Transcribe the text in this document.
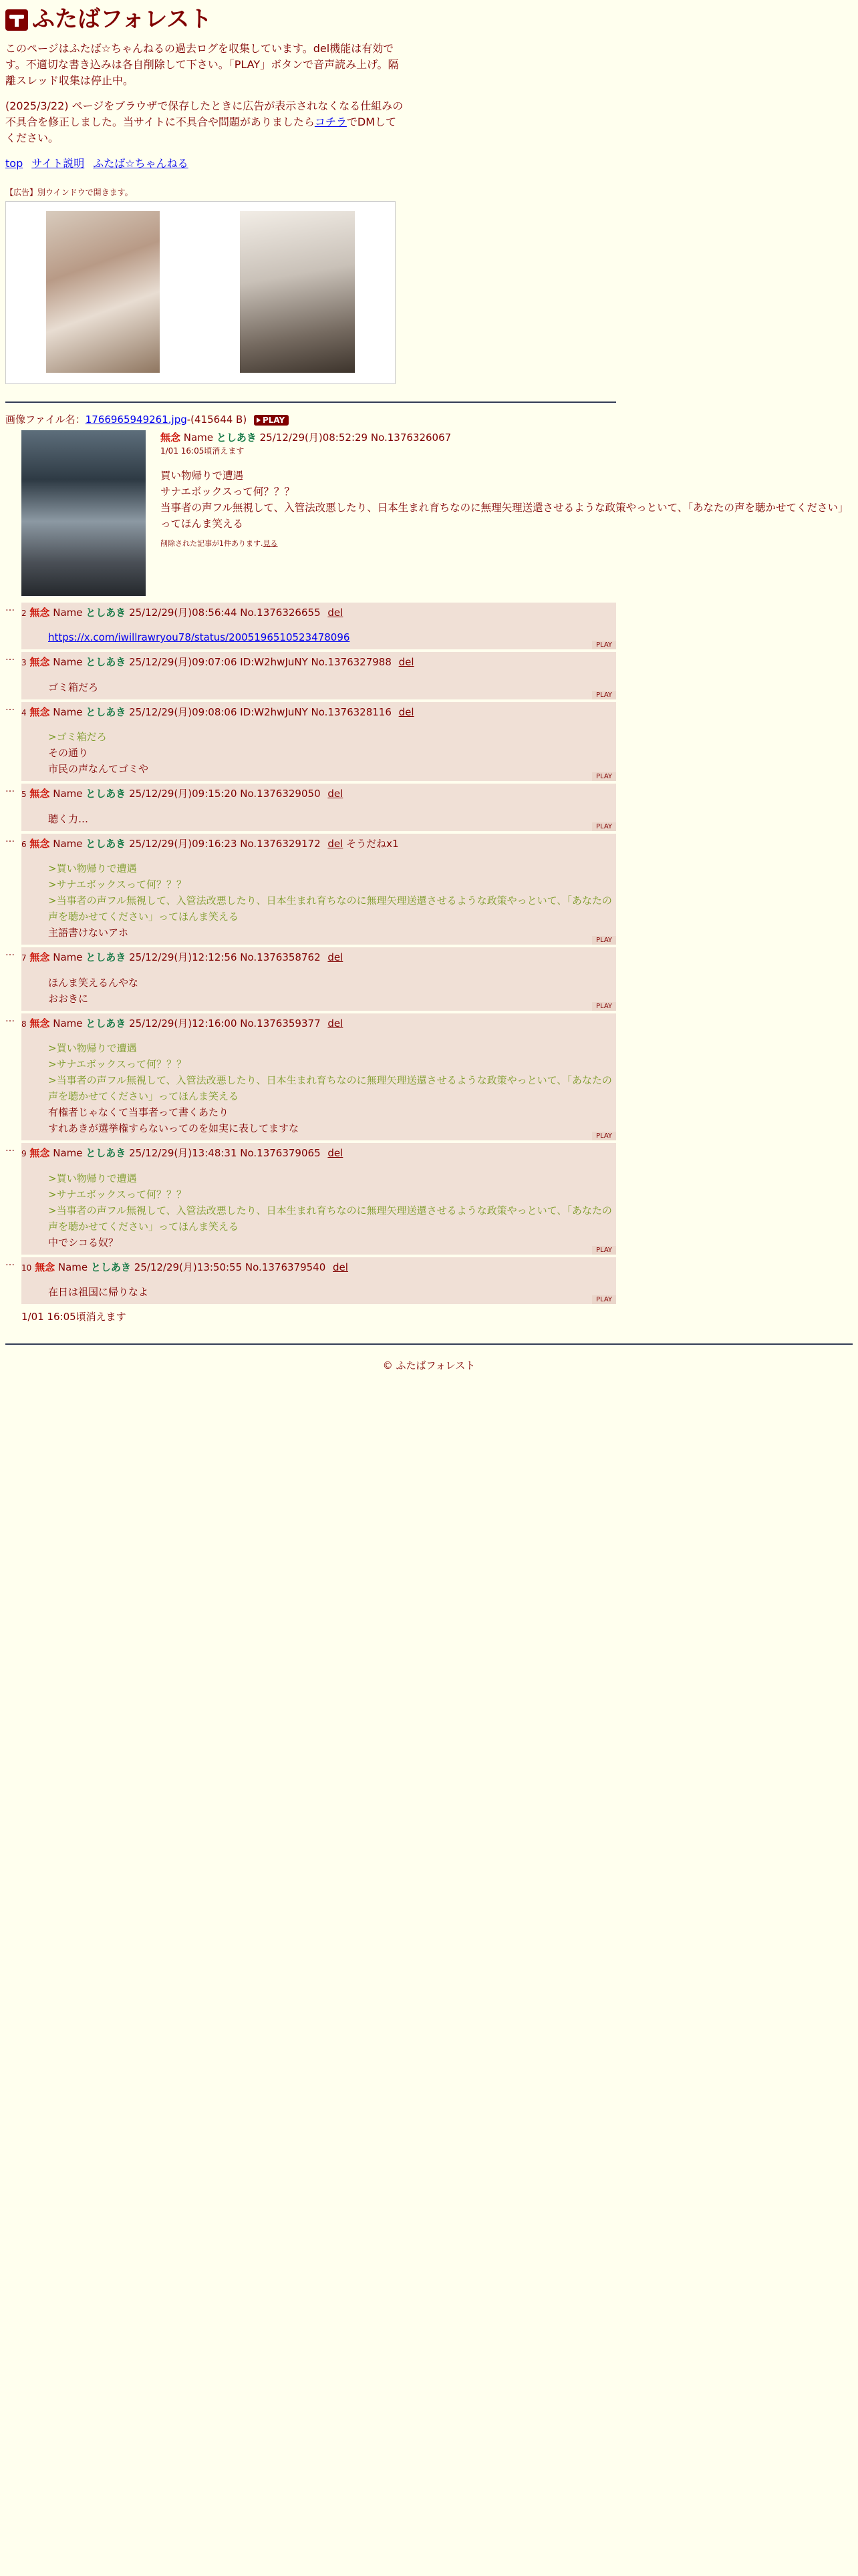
ふたばフォレスト

このページはふたば☆ちゃんねるの過去ログを収集しています。del機能は有効です。不適切な書き込みは各自削除して下さい。「PLAY」ボタンで音声読み上げ。隔離スレッド収集は停止中。

(2025/3/22) ページをブラウザで保存したときに広告が表示されなくなる仕組みの不具合を修正しました。当サイトに不具合や問題がありましたらコチラでDMしてください。

top サイト説明 ふたば☆ちゃんねる
【広告】別ウインドウで開きます。
画像ファイル名：1766965949261.jpg-(415644 B) PLAY
無念 Name としあき 25/12/29(月)08:52:29 No.1376326067
1/01 16:05頃消えます
買い物帰りで遭遇
サナエボックスって何？？？
当事者の声フル無視して、入管法改悪したり、日本生まれ育ちなのに無理矢理送還させるような政策やっといて、「あなたの声を聴かせてください」ってほんま笑える
削除された記事が1件あります.見る
… 2 無念 Name としあき 25/12/29(月)08:56:44 No.1376326655 del
https://x.com/iwillrawryou78/status/2005196510523478096
PLAY
… 3 無念 Name としあき 25/12/29(月)09:07:06 ID:W2hwJuNY No.1376327988 del
ゴミ箱だろ
PLAY
… 4 無念 Name としあき 25/12/29(月)09:08:06 ID:W2hwJuNY No.1376328116 del
>ゴミ箱だろ
その通り
市民の声なんてゴミや
PLAY
… 5 無念 Name としあき 25/12/29(月)09:15:20 No.1376329050 del
聴く力…
PLAY
… 6 無念 Name としあき 25/12/29(月)09:16:23 No.1376329172 del そうだねx1
>買い物帰りで遭遇
>サナエボックスって何？？？
>当事者の声フル無視して、入管法改悪したり、日本生まれ育ちなのに無理矢理送還させるような政策やっといて、「あなたの声を聴かせてください」ってほんま笑える
主語書けないアホ
PLAY
… 7 無念 Name としあき 25/12/29(月)12:12:56 No.1376358762 del
ほんま笑えるんやな
おおきに
PLAY
… 8 無念 Name としあき 25/12/29(月)12:16:00 No.1376359377 del
>買い物帰りで遭遇
>サナエボックスって何？？？
>当事者の声フル無視して、入管法改悪したり、日本生まれ育ちなのに無理矢理送還させるような政策やっといて、「あなたの声を聴かせてください」ってほんま笑える
有権者じゃなくて当事者って書くあたり
すれあきが選挙権すらないってのを如実に表してますな
PLAY
… 9 無念 Name としあき 25/12/29(月)13:48:31 No.1376379065 del
>買い物帰りで遭遇
>サナエボックスって何？？？
>当事者の声フル無視して、入管法改悪したり、日本生まれ育ちなのに無理矢理送還させるような政策やっといて、「あなたの声を聴かせてください」ってほんま笑える
中でシコる奴？
PLAY
… 10 無念 Name としあき 25/12/29(月)13:50:55 No.1376379540 del
在日は祖国に帰りなよ
PLAY
1/01 16:05頃消えます
© ふたばフォレスト
